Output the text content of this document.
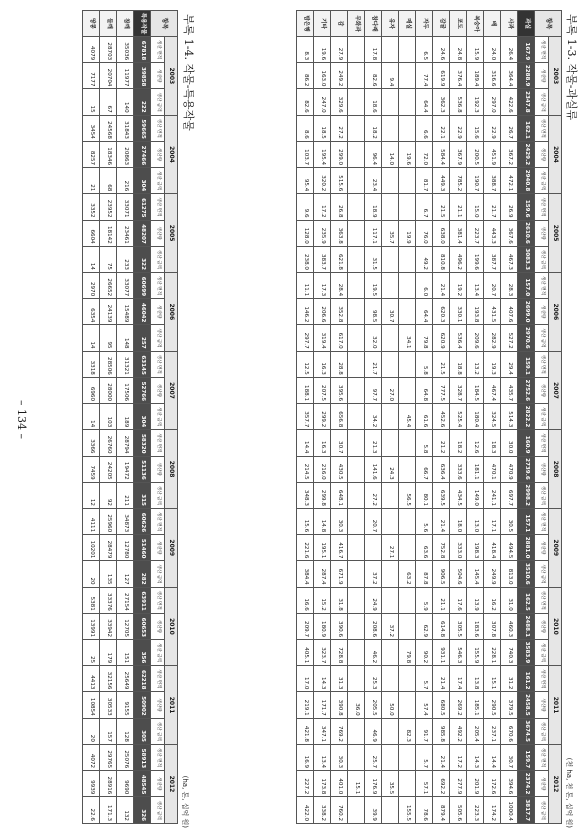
부록 1-3. 작물-과실류
(천 ha, 천 톤, 십억 원)
항목	2003			2004			2005			2006			2007			2008			2009			2010			2011			2012		
	생산 면적	생산량	생산 금액	생산 면적	생산량	생산 금액	생산 면적	생산량	생산 금액	생산 면적	생산량	생산 금액	생산 면적	생산량	생산 금액	생산 면적	생산량	생산 금액	생산 면적	생산량	생산 금액	생산 면적	생산량	생산 금액	생산 면적	생산량	생산 금액	생산 면적	생산량	생산 금액
과실	167.9	2288.9	2347.8	162.1	2429.2	2940.8	159.6	2610.6	3083.3	157.0	2699.0	2970.6	159.1	2752.6	2822.2	160.9	2739.6	2998.2	157.1	2881.0	3510.6	162.5	2488.1	3583.9	161.2	2458.5	3674.5	159.7	2374.2	3817.7
사과	26.4	364.4	422.6	26.7	367.2	472.1	26.9	367.6	467.3	28.3	407.6	527.2	29.4	435.7	514.3	30.0	470.9	697.7	30.5	494.5	813.0	31.0	460.3	740.3	31.2	379.5	670.6	30.7	394.6	1000.4
배	24.0	316.6	297.0	22.9	451.9	388.7	21.7	443.3	387.7	20.7	431.5	282.9	19.3	467.4	324.5	18.3	470.1	241.1	17.1	418.4	249.9	16.2	307.8	228.1	15.1	290.5	237.1	14.4	172.6	174.2
복숭아	15.9	189.4	192.3	15.6	200.5	190.7	15.0	223.7	199.6	13.4	193.8	209.6	13.2	184.5	180.4	12.6	181.1	149.0	13.0	198.3	145.4	13.9	183.6	155.9	13.8	185.1	205.4	14.3	201.9	223.3
포도	24.8	376.4	536.8	22.9	367.9	785.2	21.1	381.4	496.2	19.2	330.1	536.4	18.8	328.7	525.4	18.2	333.6	434.5	18.0	333.0	504.6	17.6	305.5	546.3	17.4	269.2	492.2	17.2	277.9	505.6
감귤	24.6	619.9	362.3	22.1	584.4	449.3	21.5	638.0	810.8	21.4	620.3	620.9	21.5	777.5	452.6	21.2	636.4	639.5	21.4	752.8	906.5	21.1	614.8	931.1	21.4	680.5	985.8	21.4	692.2	879.4
자두	6.5	77.4	64.4	6.6	72.0	81.7	6.7	76.0	49.2	6.0	64.4	79.8	5.8	64.8	61.6	5.8	66.7	80.1	5.6	63.6	87.8	5.9	62.9	90.2	5.7	57.4	91.7	5.7	57.1	78.6
매실					19.6			19.9				34.1			45.4			56.5			63.2			79.8			82.3			155.5
유자		9.4			14.0			35.7			30.7			27.0			24.3			27.1			37.2			50.0			35.5	
참다래	17.8	82.6	18.6	18.2	96.4	23.4	18.9	117.1	31.5	19.5	98.5	32.0	21.7	97.7	34.2	21.3	141.6	27.2	20.7		37.2	24.9	208.6	46.2	25.3	205.5	46.9	25.7	176.9	39.9
무화과																										36.0			15.1	
감	27.9	249.2	329.6	27.2	299.0	515.6	26.8	363.8	621.8	28.4	352.8	617.0	28.8	395.6	656.8	30.7	430.5	648.1	30.3	416.7	671.9	31.8	390.6	728.8	31.3	390.8	769.2	30.3	401.0	760.2
기타	19.6	163.0	247.0	18.5	195.4	320.2	17.2	235.9	383.7	17.3	206.6	319.4	16.3	207.5	299.2	16.3	216.0	299.8	14.8	195.1	287.4	15.2	180.9	323.7	14.3	171.7	347.1	13.4	173.8	338.2
밤은행	8.3	86.2	82.6	8.6	103.7	95.4	9.6	128.0	238.0	11.1	146.2	297.7	12.5	188.1	357.7	14.4	214.5	348.3	15.6	221.6	384.4	16.6	209.7	405.1	17.0	219.1	421.8	16.9	227.2	422.0
부록 1-4. 작물-특용작물
(ha, 톤, 십억 원)
항목	2003			2004			2005			2006			2007			2008			2009			2010			2011			2012		
	생산 면적	생산량	생산 금액	생산 면적	생산량	생산 금액	생산 면적	생산량	생산 금액	생산 면적	생산량	생산 금액	생산 면적	생산량	생산 금액	생산 면적	생산량	생산 금액	생산 면적	생산량	생산 금액	생산 면적	생산량	생산 금액	생산 면적	생산량	생산 금액	생산 면적	생산량	생산 금액
특용작물	67818	39858	222	59665	27466	304	61275	48207	322	60699	46042	257	63145	52766	304	58320	51136	315	60626	51460	282	63911	60653	356	62218	50902	305	58913	48545	326
참깨	35036	11977	140	31843	20863	216	33071	23461	233	33077	15489	148	31321	17506	189	28794	19472	211	34873	12780	127	27154	12705	151	25649	9155	128	25076	9690	132
들깨	28703	20704	67	24568	18346	68	23952	18142	75	26652	24139	95	28506	28000	103	26760	24205	92	25960	28479	135	33376	33942	179	32156	30533	157	29765	28916	171.3
땅콩	4079	7177	15	3454	8257	21	3352	6604	14	2970	6354	14	3318	6960	14	3366	7459	12	4111	10201	20	5381	13991	25	4413	10854	20	4072	9939	22.6
– 134 –
